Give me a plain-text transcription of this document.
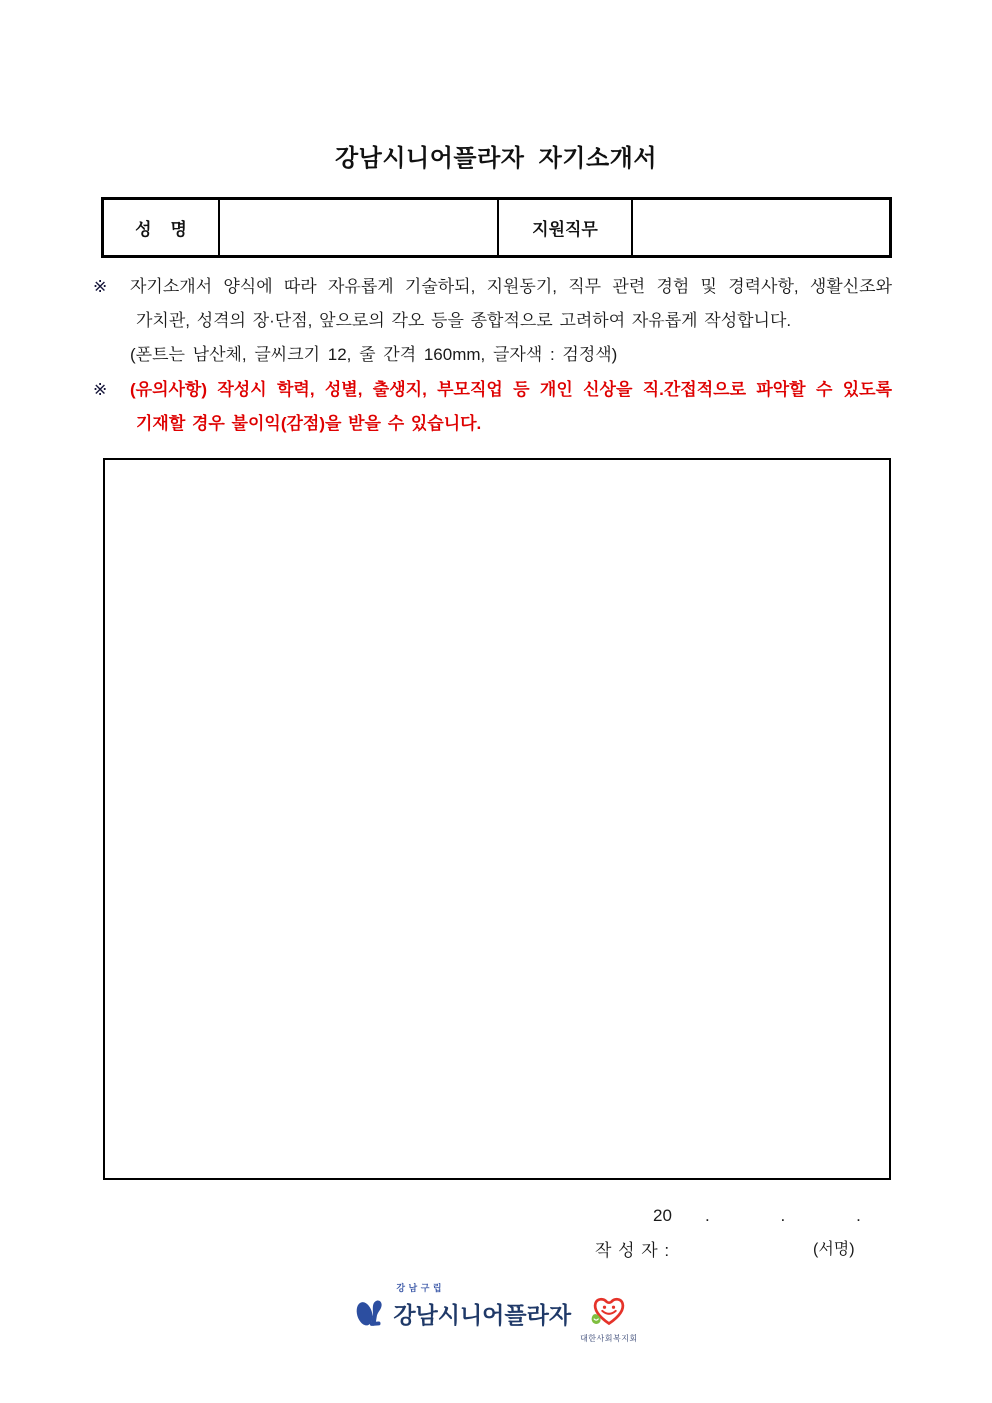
강남시니어플라자 자기소개서
성    명	지원직무
※ 자기소개서 양식에 따라 자유롭게 기술하되, 지원동기, 직무 관련 경험 및 경력사항, 생활신조와
가치관, 성격의 장·단점, 앞으로의 각오 등을 종합적으로 고려하여 자유롭게 작성합니다.
(폰트는 남산체, 글씨크기 12, 줄 간격 160mm, 글자색 : 검정색)
※ (유의사항) 작성시 학력, 성별, 출생지, 부모직업 등 개인 신상을 직.간접적으로 파악할 수 있도록
기재할 경우 불이익(감점)을 받을 수 있습니다.
20       .               .               .
작 성 자 :	(서명)
강남구립
강남시니어플라자
대한사회복지회
